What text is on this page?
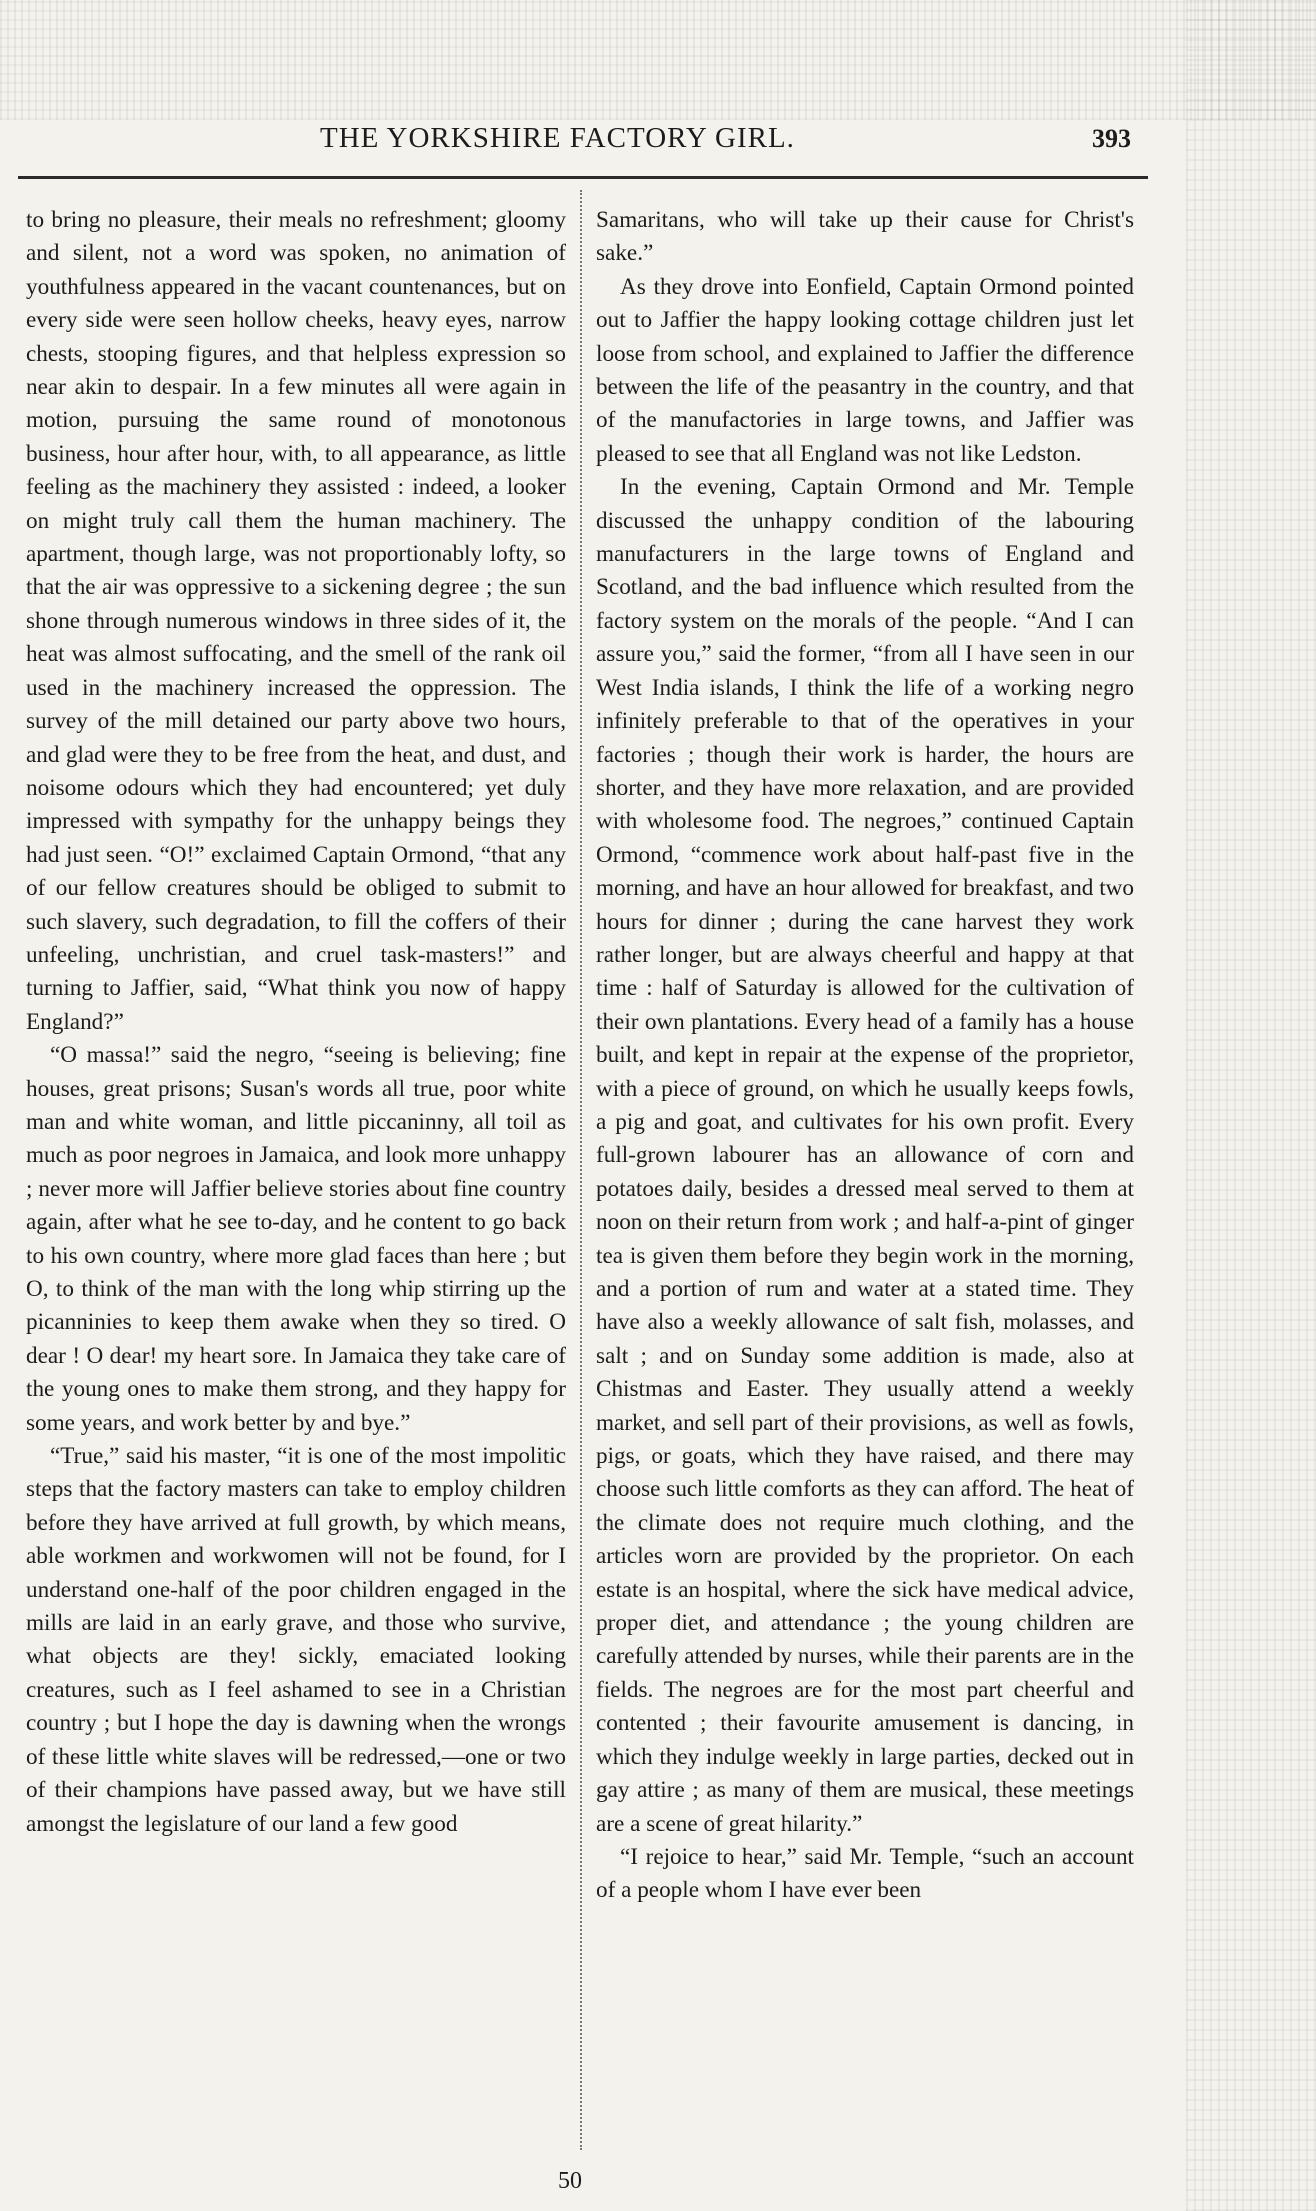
THE YORKSHIRE FACTORY GIRL.	393

to bring no pleasure, their meals no refreshment; gloomy and silent, not a word was spoken, no animation of youthfulness appeared in the vacant countenances, but on every side were seen hollow cheeks, heavy eyes, narrow chests, stooping figures, and that helpless expression so near akin to despair. In a few minutes all were again in motion, pursuing the same round of monotonous business, hour after hour, with, to all appearance, as little feeling as the machinery they assisted : indeed, a looker on might truly call them the human machinery. The apartment, though large, was not proportionably lofty, so that the air was oppressive to a sickening degree ; the sun shone through numerous windows in three sides of it, the heat was almost suffocating, and the smell of the rank oil used in the machinery increased the oppression. The survey of the mill detained our party above two hours, and glad were they to be free from the heat, and dust, and noisome odours which they had encountered; yet duly impressed with sympathy for the unhappy beings they had just seen. “O!” exclaimed Captain Ormond, “that any of our fellow creatures should be obliged to submit to such slavery, such degradation, to fill the coffers of their unfeeling, unchristian, and cruel task-masters!” and turning to Jaffier, said, “What think you now of happy England?”

“O massa!” said the negro, “seeing is believing; fine houses, great prisons; Susan's words all true, poor white man and white woman, and little piccaninny, all toil as much as poor negroes in Jamaica, and look more unhappy ; never more will Jaffier believe stories about fine country again, after what he see to-day, and he content to go back to his own country, where more glad faces than here ; but O, to think of the man with the long whip stirring up the picanninies to keep them awake when they so tired. O dear ! O dear! my heart sore. In Jamaica they take care of the young ones to make them strong, and they happy for some years, and work better by and bye.”

“True,” said his master, “it is one of the most impolitic steps that the factory masters can take to employ children before they have arrived at full growth, by which means, able workmen and workwomen will not be found, for I understand one-half of the poor children engaged in the mills are laid in an early grave, and those who survive, what objects are they! sickly, emaciated looking creatures, such as I feel ashamed to see in a Christian country ; but I hope the day is dawning when the wrongs of these little white slaves will be redressed,—one or two of their champions have passed away, but we have still amongst the legislature of our land a few good

Samaritans, who will take up their cause for Christ's sake.”

As they drove into Eonfield, Captain Ormond pointed out to Jaffier the happy looking cottage children just let loose from school, and explained to Jaffier the difference between the life of the peasantry in the country, and that of the manufactories in large towns, and Jaffier was pleased to see that all England was not like Ledston.

In the evening, Captain Ormond and Mr. Temple discussed the unhappy condition of the labouring manufacturers in the large towns of England and Scotland, and the bad influence which resulted from the factory system on the morals of the people. “And I can assure you,” said the former, “from all I have seen in our West India islands, I think the life of a working negro infinitely preferable to that of the operatives in your factories ; though their work is harder, the hours are shorter, and they have more relaxation, and are provided with wholesome food. The negroes,” continued Captain Ormond, “commence work about half-past five in the morning, and have an hour allowed for breakfast, and two hours for dinner ; during the cane harvest they work rather longer, but are always cheerful and happy at that time : half of Saturday is allowed for the cultivation of their own plantations. Every head of a family has a house built, and kept in repair at the expense of the proprietor, with a piece of ground, on which he usually keeps fowls, a pig and goat, and cultivates for his own profit. Every full-grown labourer has an allowance of corn and potatoes daily, besides a dressed meal served to them at noon on their return from work ; and half-a-pint of ginger tea is given them before they begin work in the morning, and a portion of rum and water at a stated time. They have also a weekly allowance of salt fish, molasses, and salt ; and on Sunday some addition is made, also at Chistmas and Easter. They usually attend a weekly market, and sell part of their provisions, as well as fowls, pigs, or goats, which they have raised, and there may choose such little comforts as they can afford. The heat of the climate does not require much clothing, and the articles worn are provided by the proprietor. On each estate is an hospital, where the sick have medical advice, proper diet, and attendance ; the young children are carefully attended by nurses, while their parents are in the fields. The negroes are for the most part cheerful and contented ; their favourite amusement is dancing, in which they indulge weekly in large parties, decked out in gay attire ; as many of them are musical, these meetings are a scene of great hilarity.”

“I rejoice to hear,” said Mr. Temple, “such an account of a people whom I have ever been

50
